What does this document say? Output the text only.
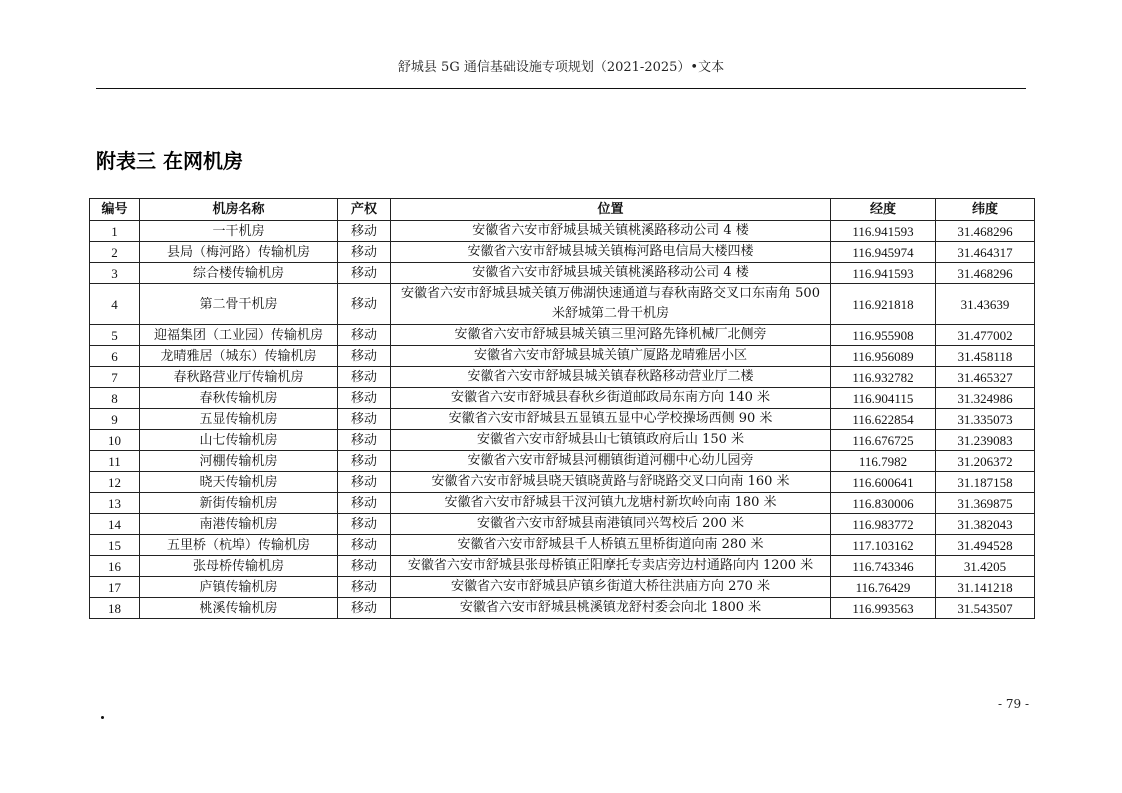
舒城县 5G 通信基础设施专项规划（2021-2025）•文本
附表三 在网机房
编号	机房名称	产权	位置	经度	纬度
1	一干机房	移动	安徽省六安市舒城县城关镇桃溪路移动公司 4 楼	116.941593	31.468296
2	县局（梅河路）传输机房	移动	安徽省六安市舒城县城关镇梅河路电信局大楼四楼	116.945974	31.464317
3	综合楼传输机房	移动	安徽省六安市舒城县城关镇桃溪路移动公司 4 楼	116.941593	31.468296
4	第二骨干机房	移动	安徽省六安市舒城县城关镇万佛湖快速通道与春秋南路交叉口东南角 500 米舒城第二骨干机房	116.921818	31.43639
5	迎福集团（工业园）传输机房	移动	安徽省六安市舒城县城关镇三里河路先锋机械厂北侧旁	116.955908	31.477002
6	龙晴雅居（城东）传输机房	移动	安徽省六安市舒城县城关镇广厦路龙晴雅居小区	116.956089	31.458118
7	春秋路营业厅传输机房	移动	安徽省六安市舒城县城关镇春秋路移动营业厅二楼	116.932782	31.465327
8	春秋传输机房	移动	安徽省六安市舒城县春秋乡街道邮政局东南方向 140 米	116.904115	31.324986
9	五显传输机房	移动	安徽省六安市舒城县五显镇五显中心学校操场西侧 90 米	116.622854	31.335073
10	山七传输机房	移动	安徽省六安市舒城县山七镇镇政府后山 150 米	116.676725	31.239083
11	河棚传输机房	移动	安徽省六安市舒城县河棚镇街道河棚中心幼儿园旁	116.7982	31.206372
12	晓天传输机房	移动	安徽省六安市舒城县晓天镇晓黄路与舒晓路交叉口向南 160 米	116.600641	31.187158
13	新街传输机房	移动	安徽省六安市舒城县干汊河镇九龙塘村新坎岭向南 180 米	116.830006	31.369875
14	南港传输机房	移动	安徽省六安市舒城县南港镇同兴驾校后 200 米	116.983772	31.382043
15	五里桥（杭埠）传输机房	移动	安徽省六安市舒城县千人桥镇五里桥街道向南 280 米	117.103162	31.494528
16	张母桥传输机房	移动	安徽省六安市舒城县张母桥镇正阳摩托专卖店旁边村通路向内 1200 米	116.743346	31.4205
17	庐镇传输机房	移动	安徽省六安市舒城县庐镇乡街道大桥往洪庙方向 270 米	116.76429	31.141218
18	桃溪传输机房	移动	安徽省六安市舒城县桃溪镇龙舒村委会向北 1800 米	116.993563	31.543507
- 79 -
